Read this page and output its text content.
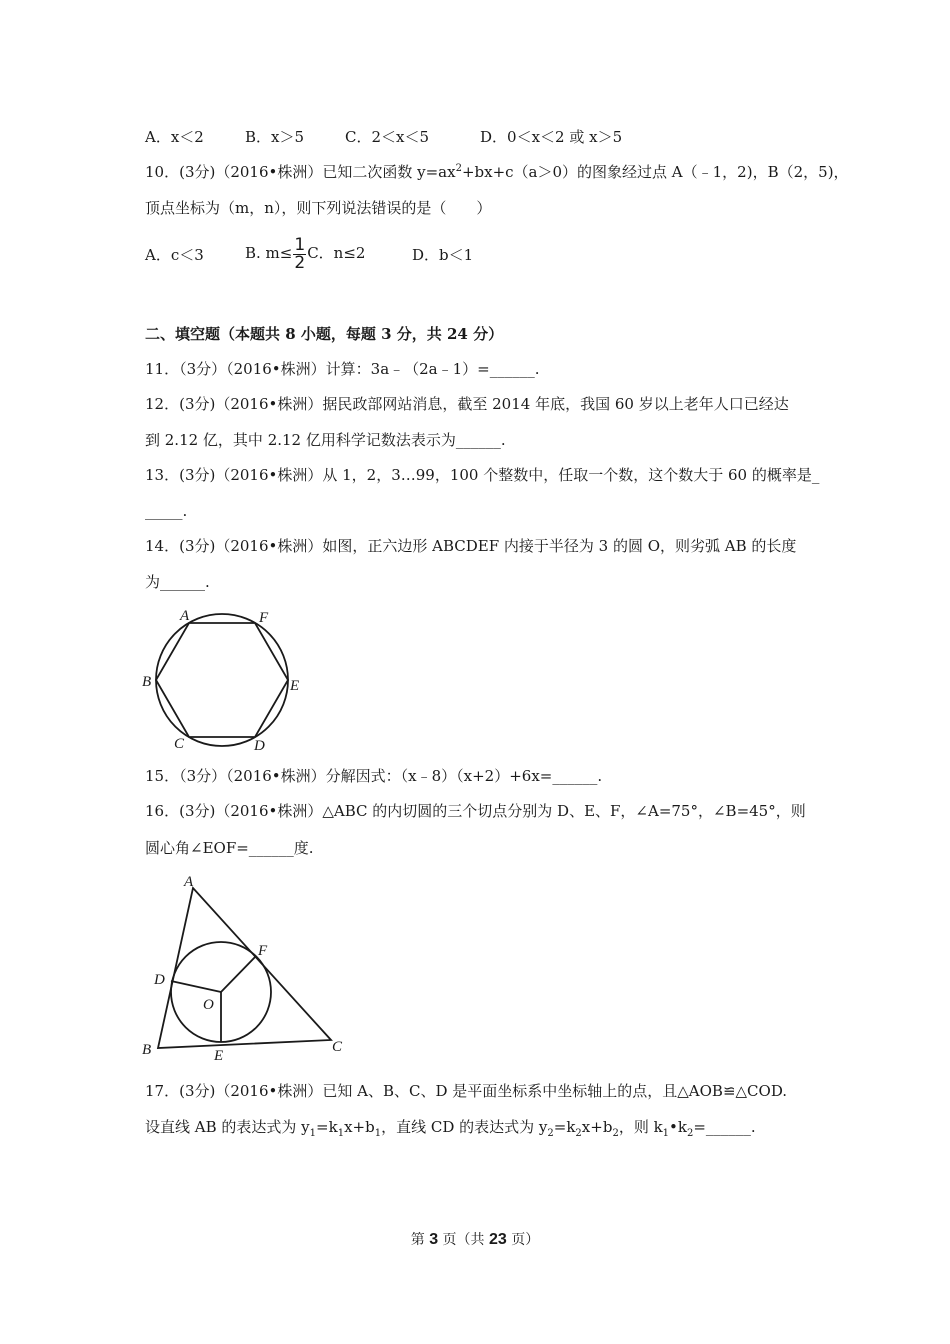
A．x＜2	B．x＞5	C．2＜x＜5	D．0＜x＜2 或 x＞5
10．(3分)（2016•株洲）已知二次函数 $y=ax^2+bx+c(a>0)$的图象经过点 A（﹣1，2)，B（2，5)，
顶点坐标为（m，n），则下列说法错误的是（　　）
A．c＜3	B. $m\le \frac{1}{2}$ C．n≤2	D．b＜1
二、填空题（本题共 8 小题，每题 3 分，共 24 分）
11．（3分）（2016•株洲）计算：3a﹣（2a﹣1）=______.
12．(3分)（2016•株洲）据民政部网站消息，截至 2014 年底，我国 60 岁以上老年人口已经达
到 2.12 亿，其中 2.12 亿用科学记数法表示为______.
13．(3分)（2016•株洲）从 1，2，3…99，100 个整数中，任取一个数，这个数大于 60 的概率是_
_____.
14．(3分)（2016•株洲）如图，正六边形 ABCDEF 内接于半径为 3 的圆 O，则劣弧 AB 的长度
为______.
A	F
B	E
C	D
15．（3分）（2016•株洲）分解因式：（x﹣8）（x+2）+6x=______.
16．(3分)（2016•株洲）△ABC 的内切圆的三个切点分别为 D、E、F，∠A=75°，∠B=45°，则
圆心角∠EOF=______度.
A
F
D
O
B	E
C
17．(3分)（2016•株洲）已知 A、B、C、D 是平面坐标系中坐标轴上的点，且△AOB≌△COD.
设直线 AB 的表达式为 $y_1=k_1x+b_1$，直线 CD 的表达式为 $y_2=k_2x+b_2$，则 $k_1•k_2=\_\_\_\_\_\_$.
第 3 页（共 23 页）
